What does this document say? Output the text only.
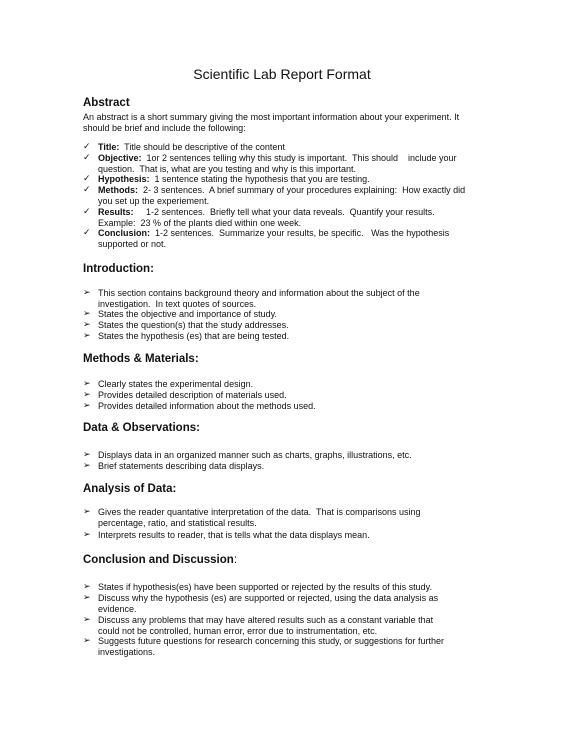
Scientific Lab Report Format
Abstract
An abstract is a short summary giving the most important information about your experiment. It
should be brief and include the following:
✓ Title:  Title should be descriptive of the content
✓ Objective:  1or 2 sentences telling why this study is important.  This should    include your
question.  That is, what are you testing and why is this important.
✓ Hypothesis:  1 sentence stating the hypothesis that you are testing.
✓ Methods:  2- 3 sentences.  A brief summary of your procedures explaining:  How exactly did
you set up the experiement.
✓ Results:     1-2 sentences.  Briefly tell what your data reveals.  Quantify your results.
Example:  23 % of the plants died within one week.
✓ Conclusion:  1-2 sentences.  Summarize your results, be specific.   Was the hypothesis
supported or not.
Introduction:
➢ This section contains background theory and information about the subject of the
investigation.  In text quotes of sources.
➢ States the objective and importance of study.
➢ States the question(s) that the study addresses.
➢ States the hypothesis (es) that are being tested.
Methods & Materials:
➢ Clearly states the experimental design.
➢ Provides detailed description of materials used.
➢ Provides detailed information about the methods used.
Data & Observations:
➢ Displays data in an organized manner such as charts, graphs, illustrations, etc.
➢ Brief statements describing data displays.
Analysis of Data:
➢ Gives the reader quantative interpretation of the data.  That is comparisons using
percentage, ratio, and statistical results.
➢ Interprets results to reader, that is tells what the data displays mean.
Conclusion and Discussion:
➢ States if hypothesis(es) have been supported or rejected by the results of this study.
➢ Discuss why the hypothesis (es) are supported or rejected, using the data analysis as
evidence.
➢ Discuss any problems that may have altered results such as a constant variable that
could not be controlled, human error, error due to instrumentation, etc.
➢ Suggests future questions for research concerning this study, or suggestions for further
investigations.
